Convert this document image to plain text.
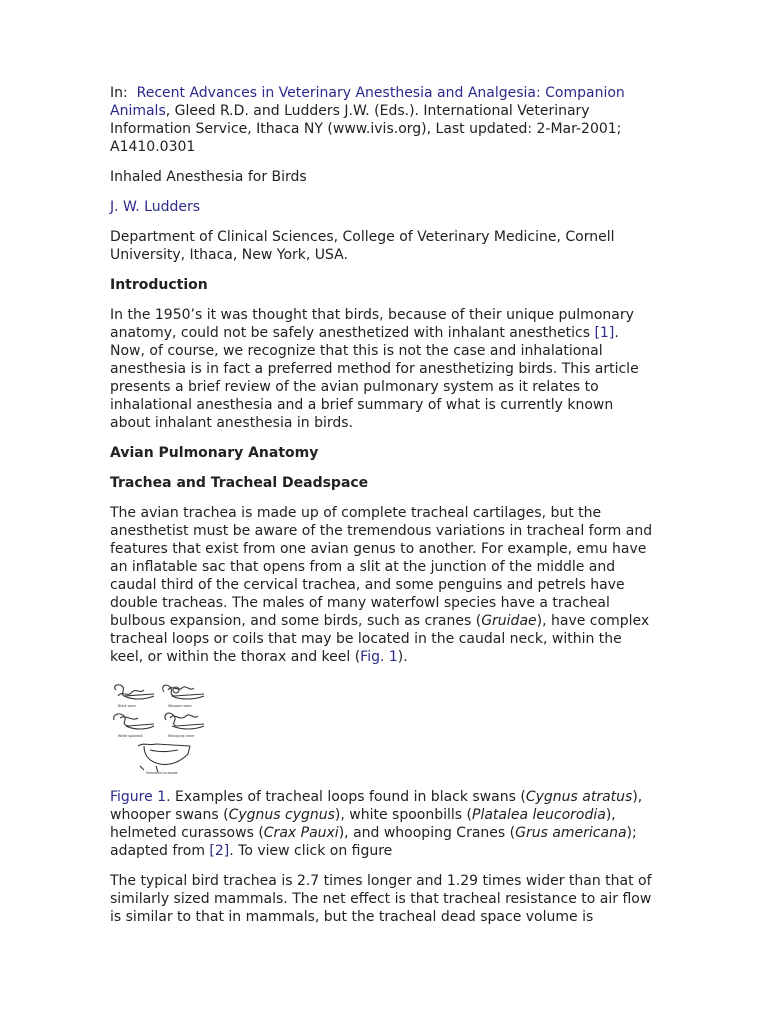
In: Recent Advances in Veterinary Anesthesia and Analgesia: Companion Animals, Gleed R.D. and Ludders J.W. (Eds.). International Veterinary Information Service, Ithaca NY (www.ivis.org), Last updated: 2-Mar-2001; A1410.0301

Inhaled Anesthesia for Birds

J. W. Ludders

Department of Clinical Sciences, College of Veterinary Medicine, Cornell University, Ithaca, New York, USA.

Introduction

In the 1950’s it was thought that birds, because of their unique pulmonary anatomy, could not be safely anesthetized with inhalant anesthetics [1]. Now, of course, we recognize that this is not the case and inhalational anesthesia is in fact a preferred method for anesthetizing birds. This article presents a brief review of the avian pulmonary system as it relates to inhalational anesthesia and a brief summary of what is currently known about inhalant anesthesia in birds.

Avian Pulmonary Anatomy

Trachea and Tracheal Deadspace

The avian trachea is made up of complete tracheal cartilages, but the anesthetist must be aware of the tremendous variations in tracheal form and features that exist from one avian genus to another. For example, emu have an inflatable sac that opens from a slit at the junction of the middle and caudal third of the cervical trachea, and some penguins and petrels have double tracheas. The males of many waterfowl species have a tracheal bulbous expansion, and some birds, such as cranes (Gruidae), have complex tracheal loops or coils that may be located in the caudal neck, within the keel, or within the thorax and keel (Fig. 1).

Black swan	Whooper swan
White spoonbill	Whooping crane
Helmeted curassow

Figure 1. Examples of tracheal loops found in black swans (Cygnus atratus), whooper swans (Cygnus cygnus), white spoonbills (Platalea leucorodia), helmeted curassows (Crax Pauxi), and whooping Cranes (Grus americana); adapted from [2]. To view click on figure

The typical bird trachea is 2.7 times longer and 1.29 times wider than that of similarly sized mammals. The net effect is that tracheal resistance to air flow is similar to that in mammals, but the tracheal dead space volume is
